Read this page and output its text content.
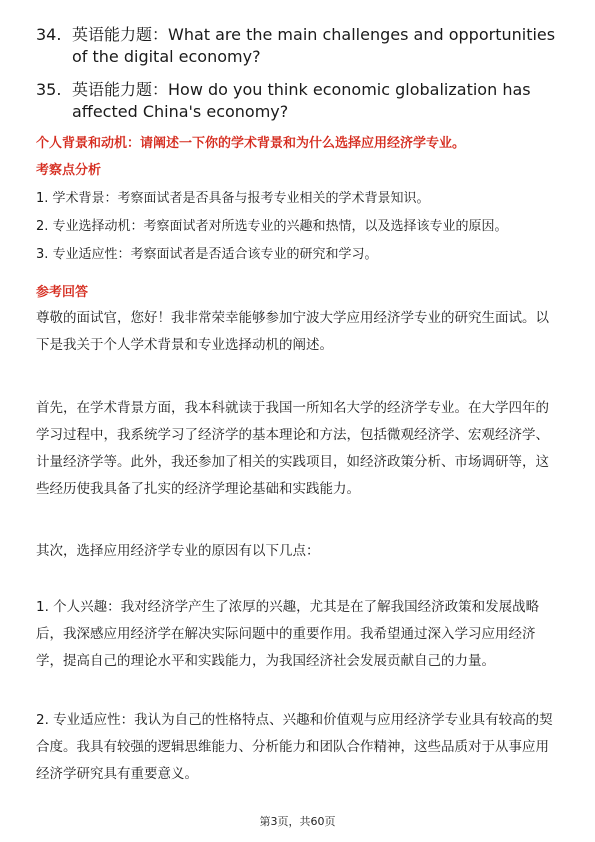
34. 英语能力题：What are the main challenges and opportunities of the digital economy?
35. 英语能力题：How do you think economic globalization has affected China's economy?
个人背景和动机：请阐述一下你的学术背景和为什么选择应用经济学专业。
考察点分析
1. 学术背景：考察面试者是否具备与报考专业相关的学术背景知识。
2. 专业选择动机：考察面试者对所选专业的兴趣和热情，以及选择该专业的原因。
3. 专业适应性：考察面试者是否适合该专业的研究和学习。
参考回答

尊敬的面试官，您好！我非常荣幸能够参加宁波大学应用经济学专业的研究生面试。以下是我关于个人学术背景和专业选择动机的阐述。

首先，在学术背景方面，我本科就读于我国一所知名大学的经济学专业。在大学四年的学习过程中，我系统学习了经济学的基本理论和方法，包括微观经济学、宏观经济学、计量经济学等。此外，我还参加了相关的实践项目，如经济政策分析、市场调研等，这些经历使我具备了扎实的经济学理论基础和实践能力。

其次，选择应用经济学专业的原因有以下几点：

1. 个人兴趣：我对经济学产生了浓厚的兴趣，尤其是在了解我国经济政策和发展战略后，我深感应用经济学在解决实际问题中的重要作用。我希望通过深入学习应用经济学，提高自己的理论水平和实践能力，为我国经济社会发展贡献自己的力量。

2. 专业适应性：我认为自己的性格特点、兴趣和价值观与应用经济学专业具有较高的契合度。我具有较强的逻辑思维能力、分析能力和团队合作精神，这些品质对于从事应用经济学研究具有重要意义。

第3页，共60页
